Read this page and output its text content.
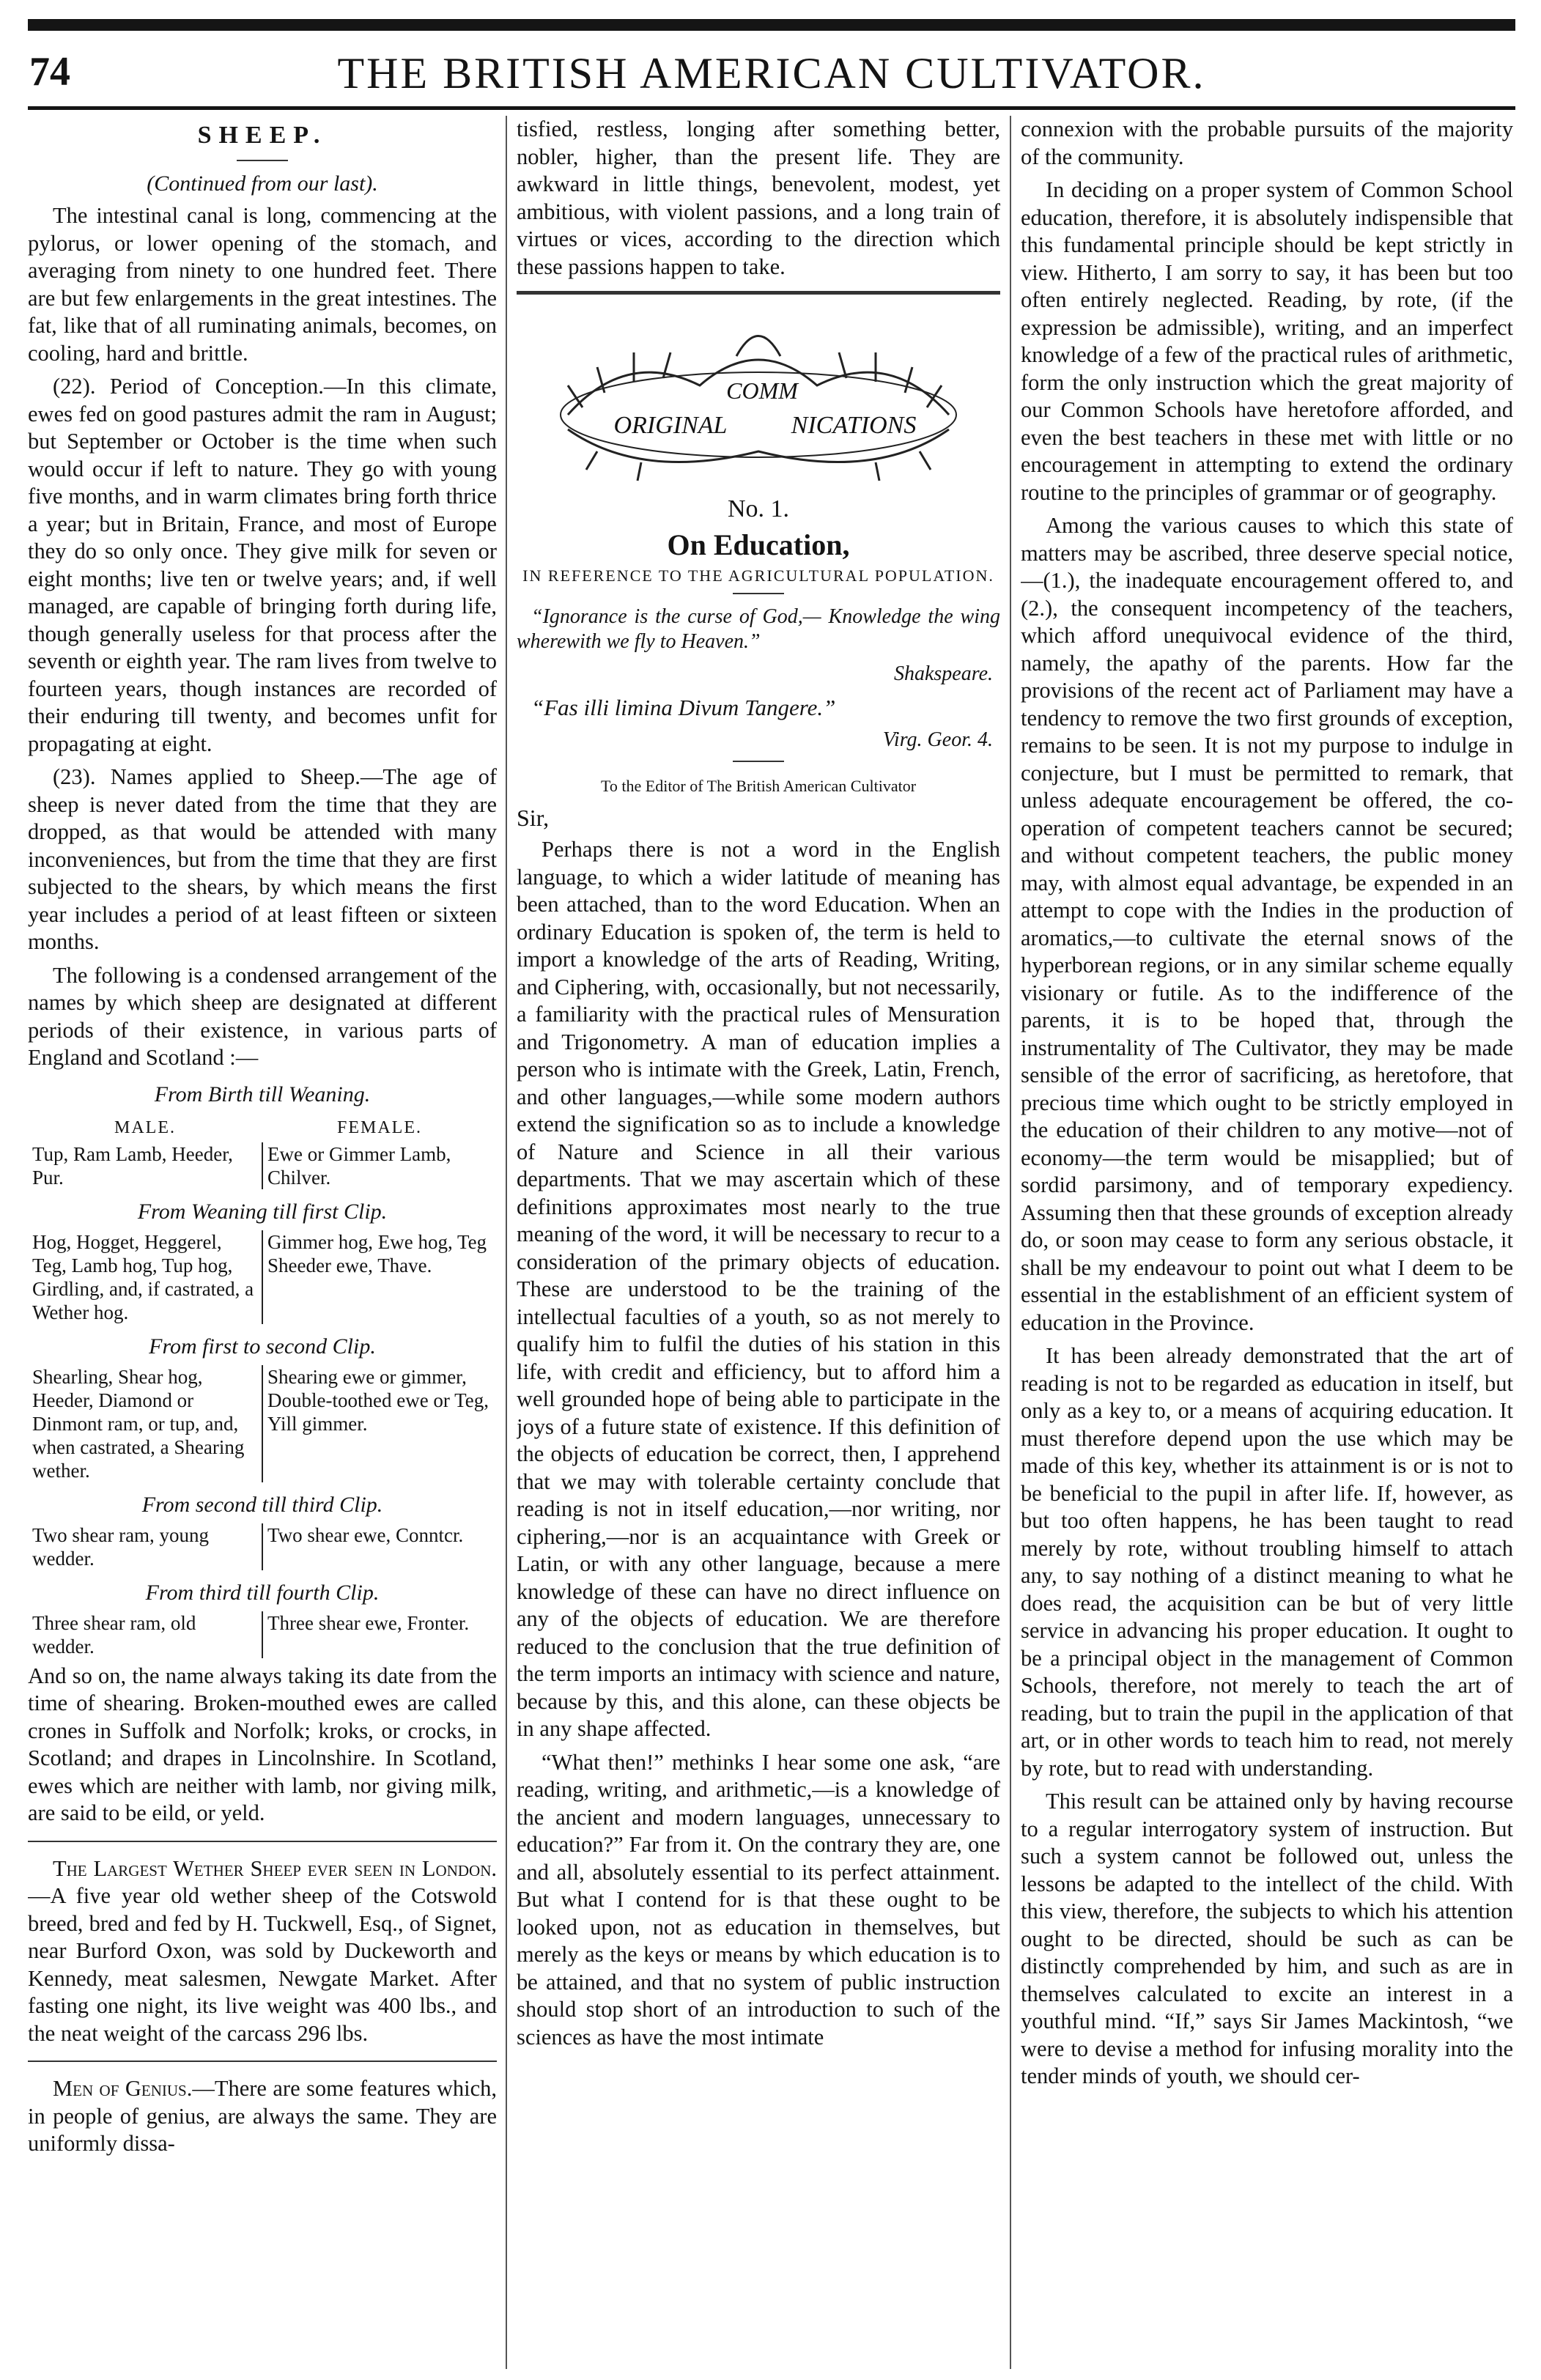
74	THE BRITISH AMERICAN CULTIVATOR.
SHEEP.
(Continued from our last).

The intestinal canal is long, commencing at the pylorus, or lower opening of the stomach, and averaging from ninety to one hundred feet. There are but few enlargements in the great intestines. The fat, like that of all ruminating animals, becomes, on cooling, hard and brittle.

(22). Period of Conception.—In this climate, ewes fed on good pastures admit the ram in August; but September or October is the time when such would occur if left to nature. They go with young five months, and in warm climates bring forth thrice a year; but in Britain, France, and most of Europe they do so only once. They give milk for seven or eight months; live ten or twelve years; and, if well managed, are capable of bringing forth during life, though generally useless for that process after the seventh or eighth year. The ram lives from twelve to fourteen years, though instances are recorded of their enduring till twenty, and becomes unfit for propagating at eight.

(23). Names applied to Sheep.—The age of sheep is never dated from the time that they are dropped, as that would be attended with many inconveniences, but from the time that they are first subjected to the shears, by which means the first year includes a period of at least fifteen or sixteen months.

The following is a condensed arrangement of the names by which sheep are designated at different periods of their existence, in various parts of England and Scotland :—

From Birth till Weaning.
MALE.	FEMALE.
Tup, Ram Lamb, Heeder, Pur.	Ewe or Gimmer Lamb, Chilver.
From Weaning till first Clip.
Hog, Hogget, Heggerel, Teg, Lamb hog, Tup hog, Girdling, and, if castrated, a Wether hog.	Gimmer hog, Ewe hog, Teg Sheeder ewe, Thave.
From first to second Clip.
Shearling, Shear hog, Heeder, Diamond or Dinmont ram, or tup, and, when castrated, a Shearing wether.	Shearing ewe or gimmer, Double-toothed ewe or Teg, Yill gimmer.
From second till third Clip.
Two shear ram, young wedder.	Two shear ewe, Conntcr.
From third till fourth Clip.
Three shear ram, old wedder.	Three shear ewe, Fronter.

And so on, the name always taking its date from the time of shearing. Broken-mouthed ewes are called crones in Suffolk and Norfolk; kroks, or crocks, in Scotland; and drapes in Lincolnshire. In Scotland, ewes which are neither with lamb, nor giving milk, are said to be eild, or yeld.

The Largest Wether Sheep ever seen in London.—A five year old wether sheep of the Cotswold breed, bred and fed by H. Tuckwell, Esq., of Signet, near Burford Oxon, was sold by Duckeworth and Kennedy, meat salesmen, Newgate Market. After fasting one night, its live weight was 400 lbs., and the neat weight of the carcass 296 lbs.

Men of Genius.—There are some features which, in people of genius, are always the same. They are uniformly dissa-

tisfied, restless, longing after something better, nobler, higher, than the present life. They are awkward in little things, benevolent, modest, yet ambitious, with violent passions, and a long train of virtues or vices, according to the direction which these passions happen to take.

ORIGINAL
COMM
NICATIONS
No. 1.
On Education,
IN REFERENCE TO THE AGRICULTURAL POPULATION.

“Ignorance is the curse of God,— Knowledge the wing wherewith we fly to Heaven.”

Shakspeare.

“Fas illi limina Divum Tangere.”

Virg. Geor. 4.

To the Editor of The British American Cultivator

Sir,

Perhaps there is not a word in the English language, to which a wider latitude of meaning has been attached, than to the word Education. When an ordinary Education is spoken of, the term is held to import a knowledge of the arts of Reading, Writing, and Ciphering, with, occasionally, but not necessarily, a familiarity with the practical rules of Mensuration and Trigonometry. A man of education implies a person who is intimate with the Greek, Latin, French, and other languages,—while some modern authors extend the signification so as to include a knowledge of Nature and Science in all their various departments. That we may ascertain which of these definitions approximates most nearly to the true meaning of the word, it will be necessary to recur to a consideration of the primary objects of education. These are understood to be the training of the intellectual faculties of a youth, so as not merely to qualify him to fulfil the duties of his station in this life, with credit and efficiency, but to afford him a well grounded hope of being able to participate in the joys of a future state of existence. If this definition of the objects of education be correct, then, I apprehend that we may with tolerable certainty conclude that reading is not in itself education,—nor writing, nor ciphering,—nor is an acquaintance with Greek or Latin, or with any other language, because a mere knowledge of these can have no direct influence on any of the objects of education. We are therefore reduced to the conclusion that the true definition of the term imports an intimacy with science and nature, because by this, and this alone, can these objects be in any shape affected.

“What then!” methinks I hear some one ask, “are reading, writing, and arithmetic,—is a knowledge of the ancient and modern languages, unnecessary to education?” Far from it. On the contrary they are, one and all, absolutely essential to its perfect attainment. But what I contend for is that these ought to be looked upon, not as education in themselves, but merely as the keys or means by which education is to be attained, and that no system of public instruction should stop short of an introduction to such of the sciences as have the most intimate

connexion with the probable pursuits of the majority of the community.

In deciding on a proper system of Common School education, therefore, it is absolutely indispensible that this fundamental principle should be kept strictly in view. Hitherto, I am sorry to say, it has been but too often entirely neglected. Reading, by rote, (if the expression be admissible), writing, and an imperfect knowledge of a few of the practical rules of arithmetic, form the only instruction which the great majority of our Common Schools have heretofore afforded, and even the best teachers in these met with little or no encouragement in attempting to extend the ordinary routine to the principles of grammar or of geography.

Among the various causes to which this state of matters may be ascribed, three deserve special notice,—(1.), the inadequate encouragement offered to, and (2.), the consequent incompetency of the teachers, which afford unequivocal evidence of the third, namely, the apathy of the parents. How far the provisions of the recent act of Parliament may have a tendency to remove the two first grounds of exception, remains to be seen. It is not my purpose to indulge in conjecture, but I must be permitted to remark, that unless adequate encouragement be offered, the co-operation of competent teachers cannot be secured; and without competent teachers, the public money may, with almost equal advantage, be expended in an attempt to cope with the Indies in the production of aromatics,—to cultivate the eternal snows of the hyperborean regions, or in any similar scheme equally visionary or futile. As to the indifference of the parents, it is to be hoped that, through the instrumentality of The Cultivator, they may be made sensible of the error of sacrificing, as heretofore, that precious time which ought to be strictly employed in the education of their children to any motive—not of economy—the term would be misapplied; but of sordid parsimony, and of temporary expediency. Assuming then that these grounds of exception already do, or soon may cease to form any serious obstacle, it shall be my endeavour to point out what I deem to be essential in the establishment of an efficient system of education in the Province.

It has been already demonstrated that the art of reading is not to be regarded as education in itself, but only as a key to, or a means of acquiring education. It must therefore depend upon the use which may be made of this key, whether its attainment is or is not to be beneficial to the pupil in after life. If, however, as but too often happens, he has been taught to read merely by rote, without troubling himself to attach any, to say nothing of a distinct meaning to what he does read, the acquisition can be but of very little service in advancing his proper education. It ought to be a principal object in the management of Common Schools, therefore, not merely to teach the art of reading, but to train the pupil in the application of that art, or in other words to teach him to read, not merely by rote, but to read with understanding.

This result can be attained only by having recourse to a regular interrogatory system of instruction. But such a system cannot be followed out, unless the lessons be adapted to the intellect of the child. With this view, therefore, the subjects to which his attention ought to be directed, should be such as can be distinctly comprehended by him, and such as are in themselves calculated to excite an interest in a youthful mind. “If,” says Sir James Mackintosh, “we were to devise a method for infusing morality into the tender minds of youth, we should cer-
